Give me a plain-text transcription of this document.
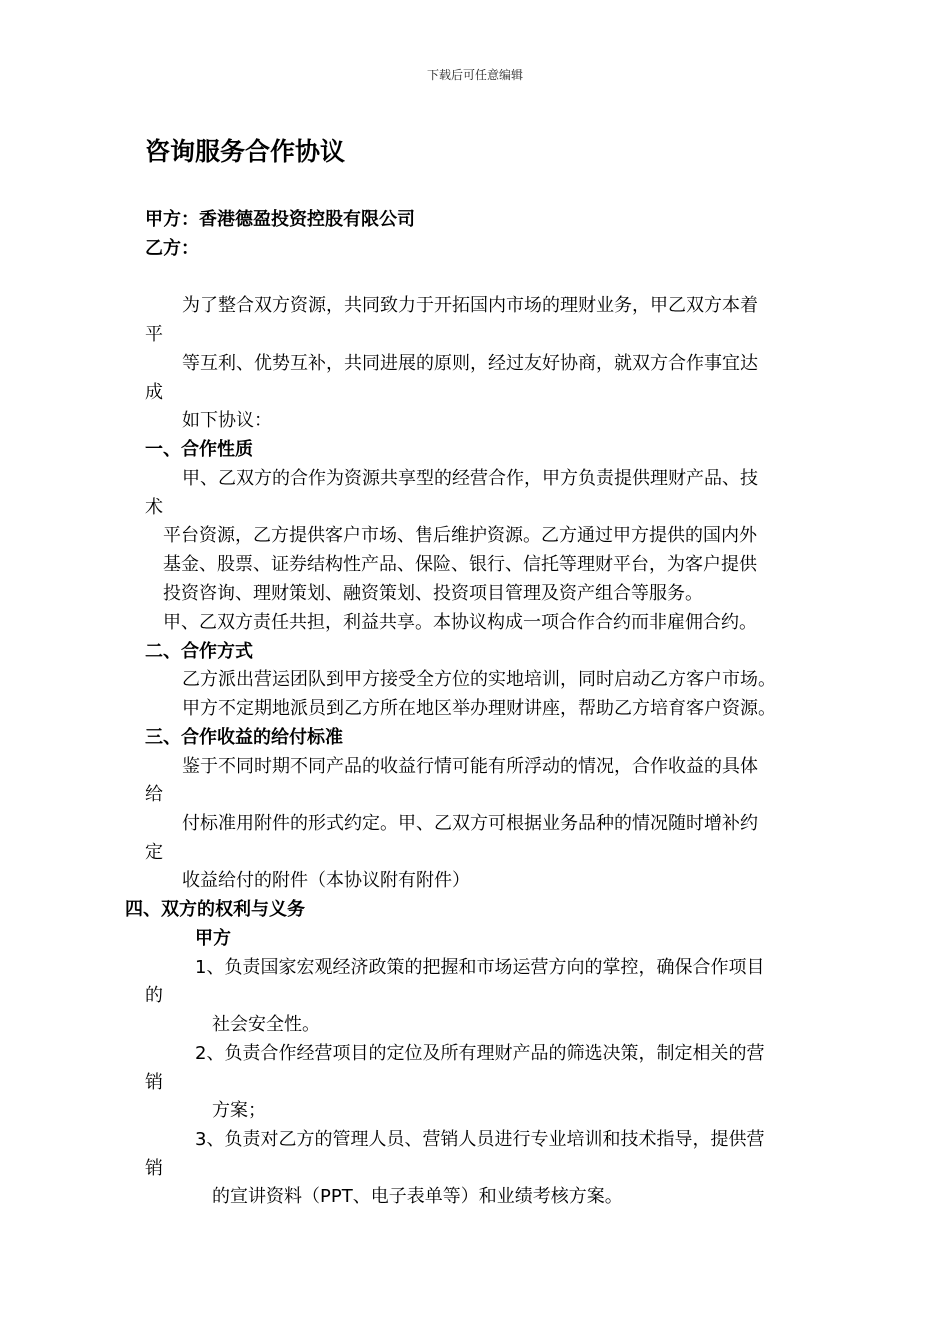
下载后可任意编辑
咨询服务合作协议
甲方：香港德盈投资控股有限公司
乙方：
为了整合双方资源，共同致力于开拓国内市场的理财业务，甲乙双方本着
平
等互利、优势互补，共同进展的原则，经过友好协商，就双方合作事宜达
成
如下协议：
一、合作性质
甲、乙双方的合作为资源共享型的经营合作，甲方负责提供理财产品、技
术
平台资源，乙方提供客户市场、售后维护资源。乙方通过甲方提供的国内外
基金、股票、证券结构性产品、保险、银行、信托等理财平台，为客户提供
投资咨询、理财策划、融资策划、投资项目管理及资产组合等服务。
甲、乙双方责任共担，利益共享。本协议构成一项合作合约而非雇佣合约。
二、合作方式
乙方派出营运团队到甲方接受全方位的实地培训，同时启动乙方客户市场。
甲方不定期地派员到乙方所在地区举办理财讲座，帮助乙方培育客户资源。
三、合作收益的给付标准
鉴于不同时期不同产品的收益行情可能有所浮动的情况，合作收益的具体
给
付标准用附件的形式约定。甲、乙双方可根据业务品种的情况随时增补约
定
收益给付的附件（本协议附有附件）
四、双方的权利与义务
甲方
1、负责国家宏观经济政策的把握和市场运营方向的掌控，确保合作项目
的
社会安全性。
2、负责合作经营项目的定位及所有理财产品的筛选决策，制定相关的营
销
方案；
3、负责对乙方的管理人员、营销人员进行专业培训和技术指导，提供营
销
的宣讲资料（PPT、电子表单等）和业绩考核方案。
